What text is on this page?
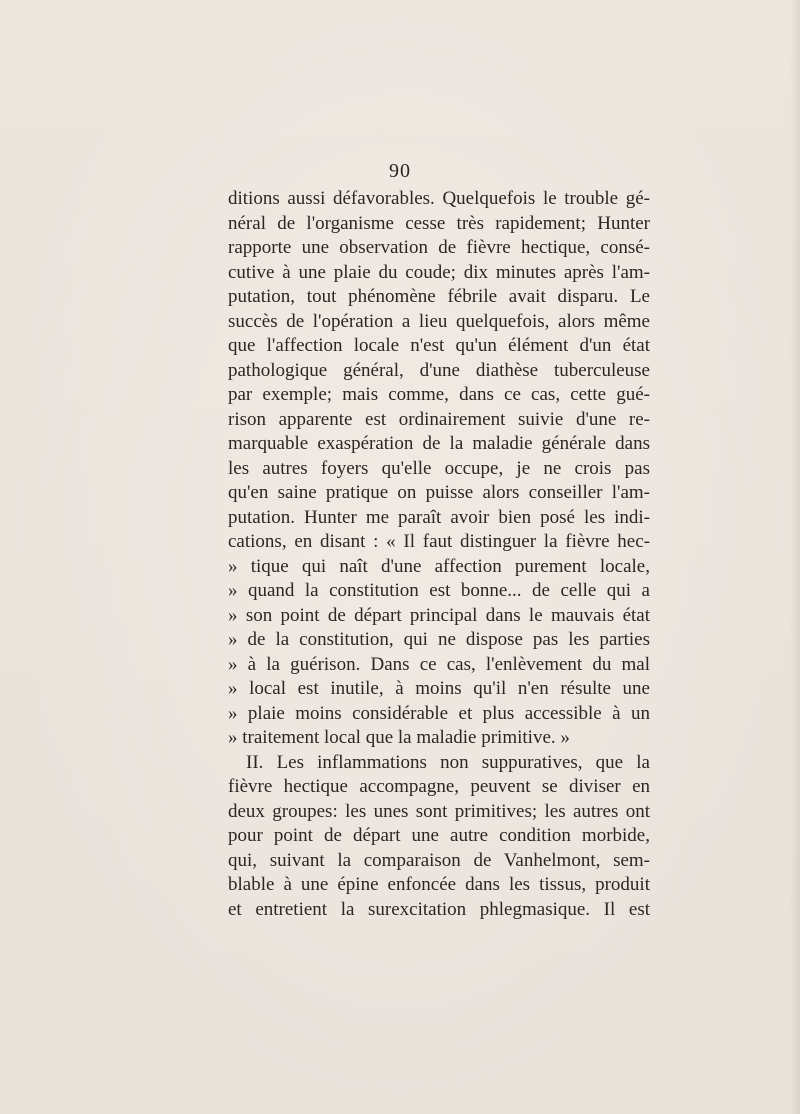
90
ditions aussi défavorables. Quelquefois le trouble gé-
néral de l'organisme cesse très rapidement; Hunter
rapporte une observation de fièvre hectique, consé-
cutive à une plaie du coude; dix minutes après l'am-
putation, tout phénomène fébrile avait disparu. Le
succès de l'opération a lieu quelquefois, alors même
que l'affection locale n'est qu'un élément d'un état
pathologique général, d'une diathèse tuberculeuse
par exemple; mais comme, dans ce cas, cette gué-
rison apparente est ordinairement suivie d'une re-
marquable exaspération de la maladie générale dans
les autres foyers qu'elle occupe, je ne crois pas
qu'en saine pratique on puisse alors conseiller l'am-
putation. Hunter me paraît avoir bien posé les indi-
cations, en disant : « Il faut distinguer la fièvre hec-
» tique qui naît d'une affection purement locale,
» quand la constitution est bonne... de celle qui a
» son point de départ principal dans le mauvais état
» de la constitution, qui ne dispose pas les parties
» à la guérison. Dans ce cas, l'enlèvement du mal
» local est inutile, à moins qu'il n'en résulte une
» plaie moins considérable et plus accessible à un
» traitement local que la maladie primitive. »
II. Les inflammations non suppuratives, que la
fièvre hectique accompagne, peuvent se diviser en
deux groupes: les unes sont primitives; les autres ont
pour point de départ une autre condition morbide,
qui, suivant la comparaison de Vanhelmont, sem-
blable à une épine enfoncée dans les tissus, produit
et entretient la surexcitation phlegmasique. Il est
